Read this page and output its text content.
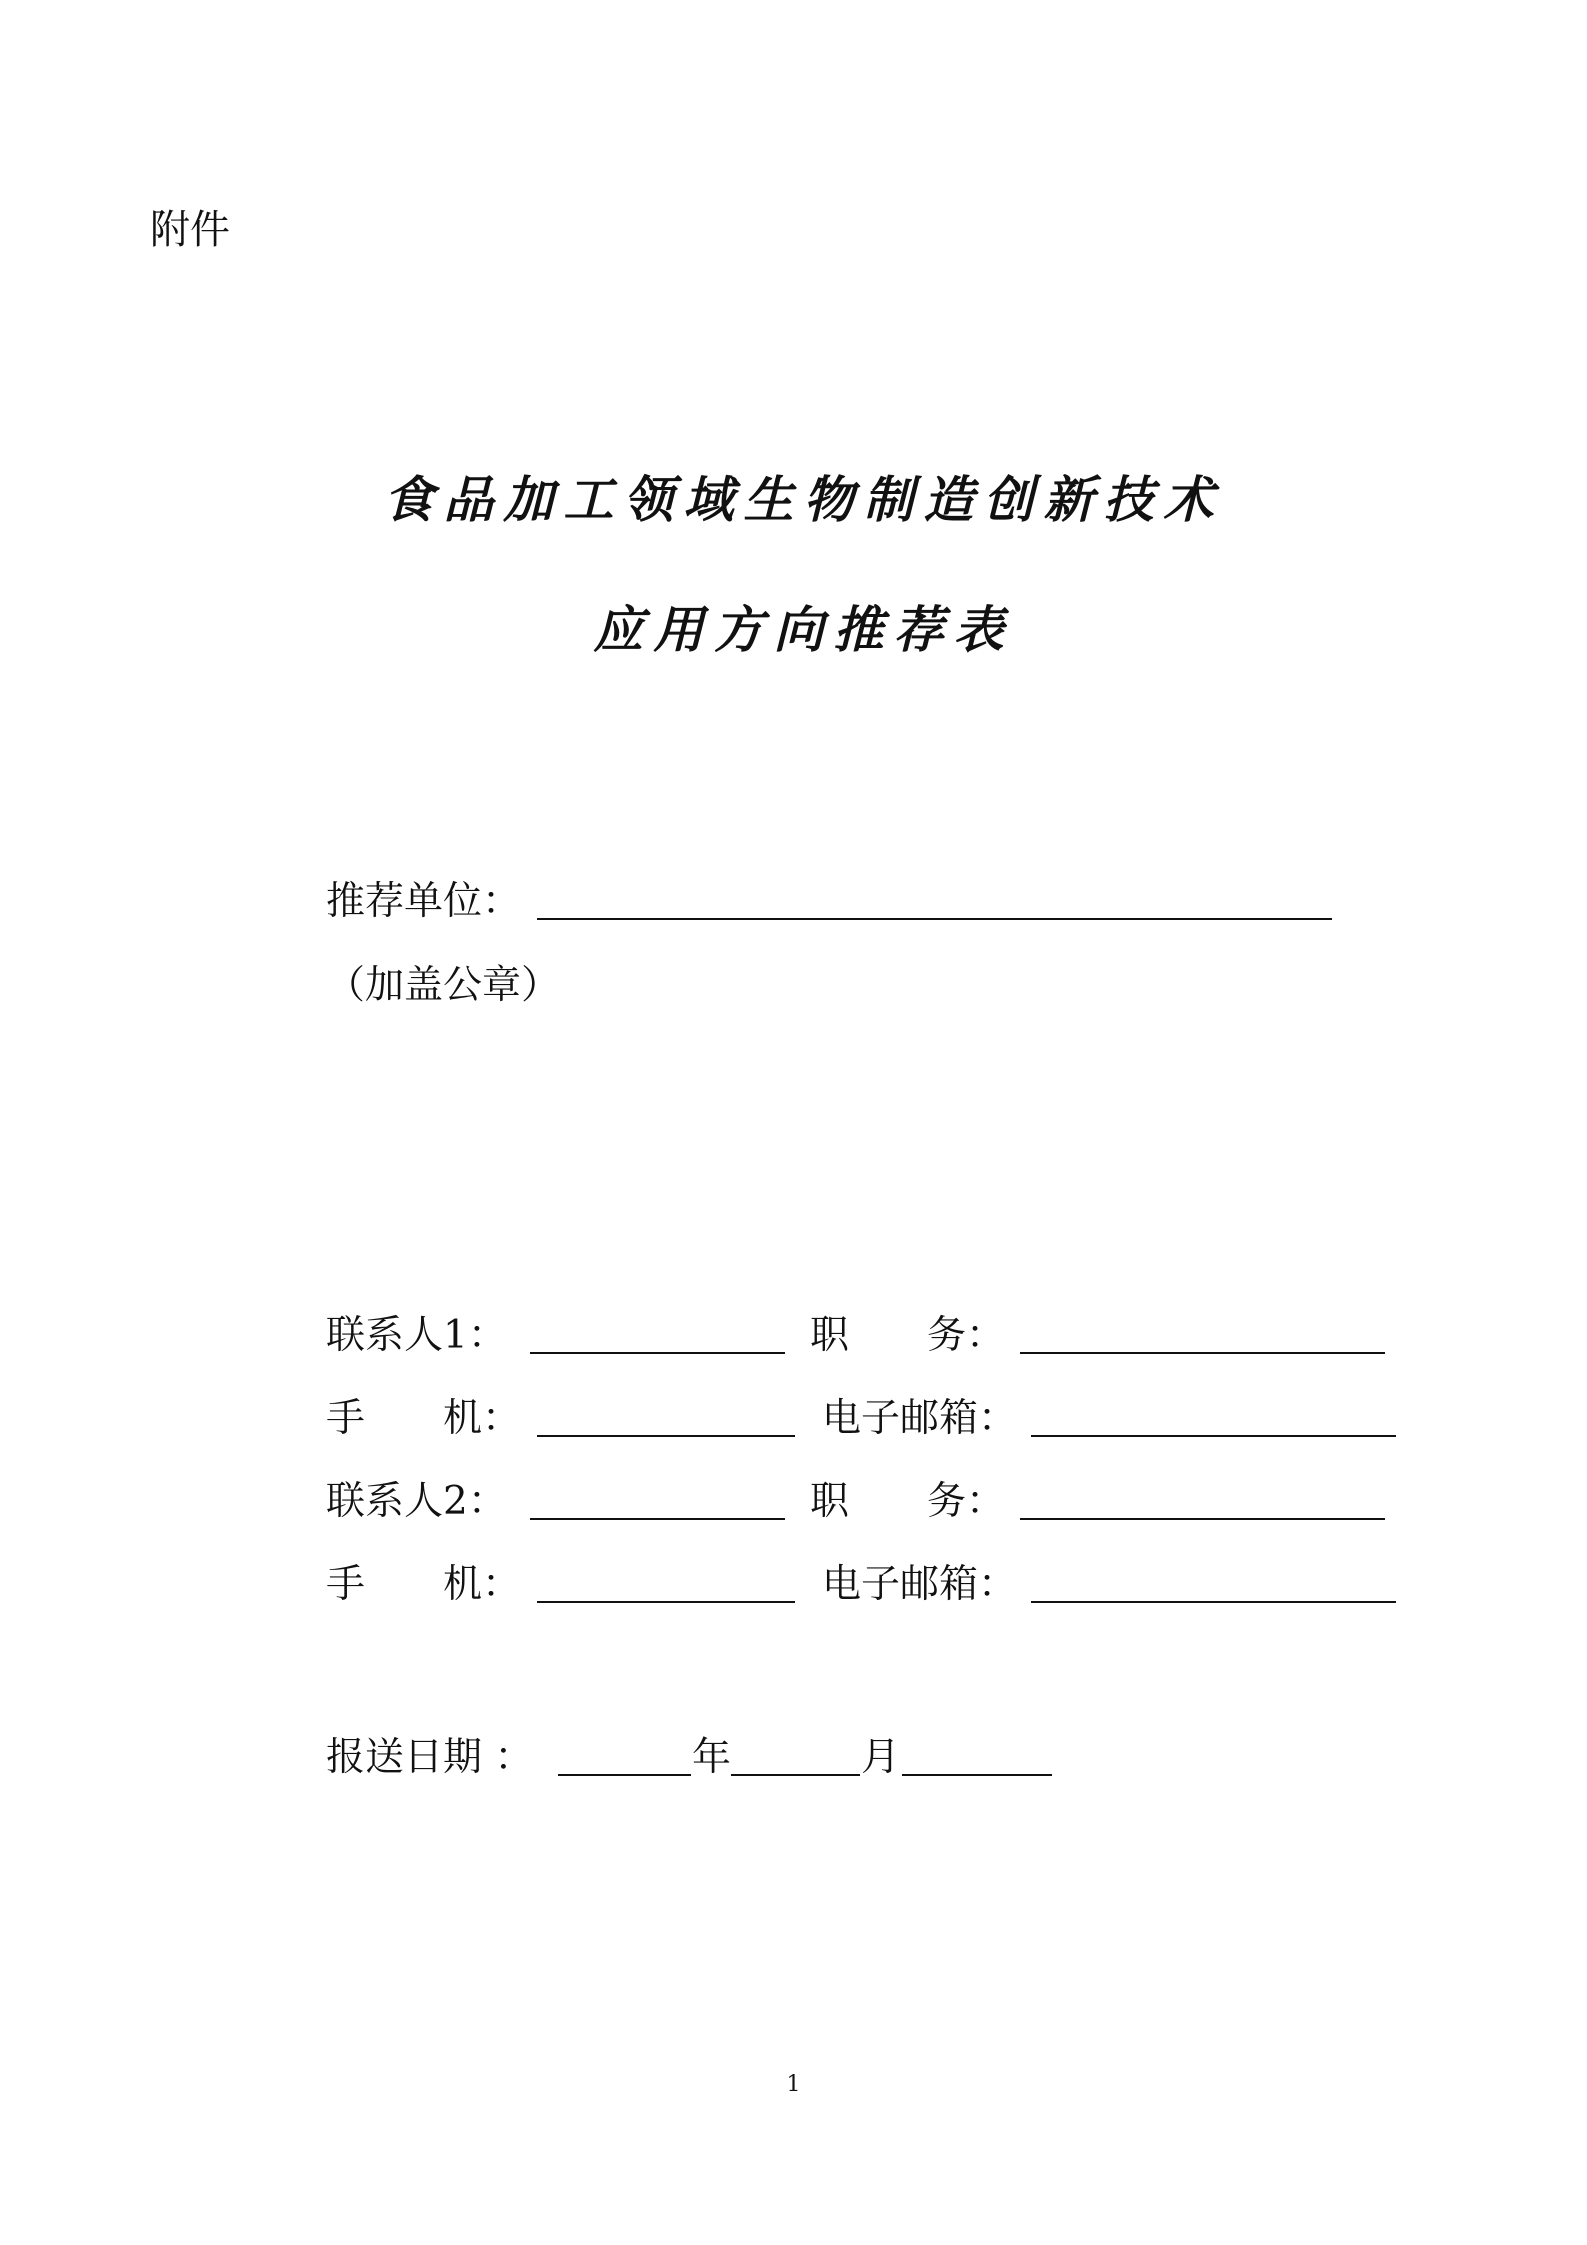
附件
食品加工领域生物制造创新技术
应用方向推荐表
推荐单位：
（加盖公章）
联系人1：	职　　务：
手　　机：	电子邮箱：
联系人2：	职　　务：
手　　机：	电子邮箱：
报送日期 ：	年	月
1
